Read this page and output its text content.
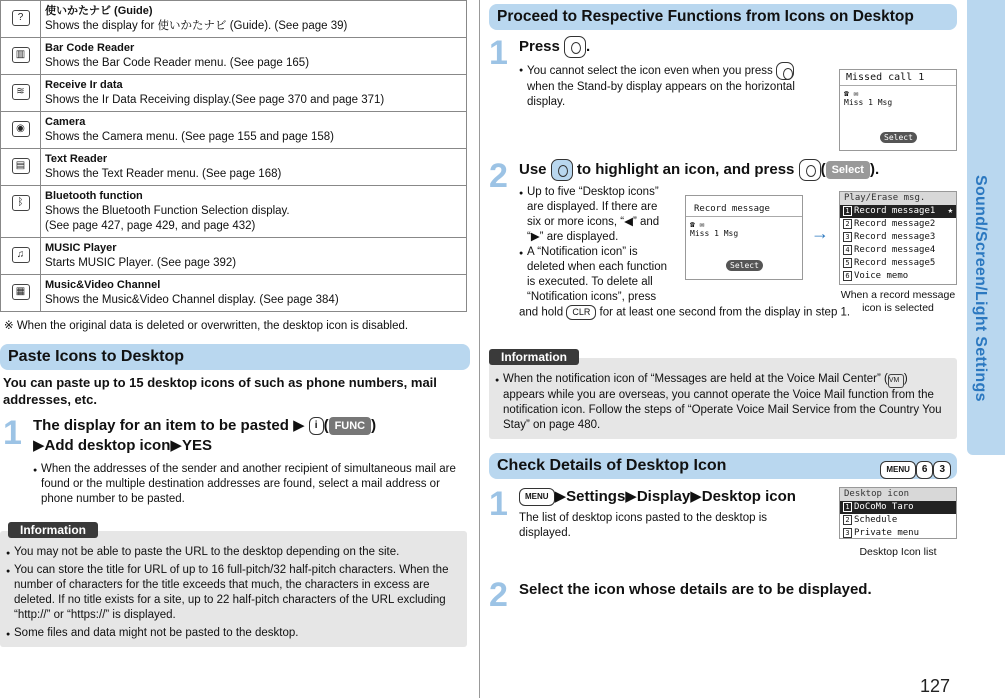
?	使いかたナビ (Guide)
Shows the display for 使いかたナビ (Guide). (See page 39)

▥	Bar Code Reader
Shows the Bar Code Reader menu. (See page 165)

≋	Receive Ir data
Shows the Ir Data Receiving display.(See page 370 and page 371)

◉	Camera
Shows the Camera menu. (See page 155 and page 158)

▤	Text Reader
Shows the Text Reader menu. (See page 168)

ᛒ	Bluetooth function
Shows the Bluetooth Function Selection display.
(See page 427, page 429, and page 432)

♫	MUSIC Player
Starts MUSIC Player. (See page 392)

▦	Music&Video Channel
Shows the Music&Video Channel display. (See page 384)
※ When the original data is deleted or overwritten, the desktop icon is disabled.
Paste Icons to Desktop
You can paste up to 15 desktop icons of such as phone numbers, mail addresses, etc.
1 The display for an item to be pasted ▶ i ( FUNC )
▶Add desktop icon▶YES
● When the addresses of the sender and another recipient of simultaneous mail are found or the multiple destination addresses are found, select a mail address or phone number to be pasted.
Information
● You may not be able to paste the URL to the desktop depending on the site.
● You can store the title for URL of up to 16 full-pitch/32 half-pitch characters. When the number of characters for the title exceeds that much, the characters in excess are deleted. If no title exists for a site, up to 22 half-pitch characters of the URL excluding “http://” or “https://” is displayed.
● Some files and data might not be pasted to the desktop.
Proceed to Respective Functions from Icons on Desktop
1 Press .
● You cannot select the icon even when you press  when the Stand-by display appears on the horizontal display.
Missed call 1
☎ ✉
Miss 1 Msg
Select
2 Use to highlight an icon, and press ( Select ).
● Up to five “Desktop icons” are displayed. If there are six or more icons, “◀” and “▶” are displayed.
● A “Notification icon” is deleted when each function is executed. To delete all “Notification icons”, press
and hold CLR for at least one second from the display in step 1.
Record message
☎ ✉
Miss 1 Msg
Select
→
Play/Erase msg.
1 Record message1 ★
2 Record message2
3 Record message3
4 Record message4
5 Record message5
6 Voice memo
When a record message icon is selected
Information
● When the notification icon of “Messages are held at the Voice Mail Center” (VM ) appears while you are overseas, you cannot operate the Voice Mail function from the notification icon. Follow the steps of “Operate Voice Mail Service from the Country You Stay” on page 480.
Check Details of Desktop Icon	MENU 6 3
1	MENU ▶Settings▶Display▶Desktop icon
The list of desktop icons pasted to the desktop is displayed.
Desktop icon
1 DoCoMo Taro
2 Schedule
3 Private menu
Desktop Icon list
2 Select the icon whose details are to be displayed.
Sound/Screen/Light Settings
127
